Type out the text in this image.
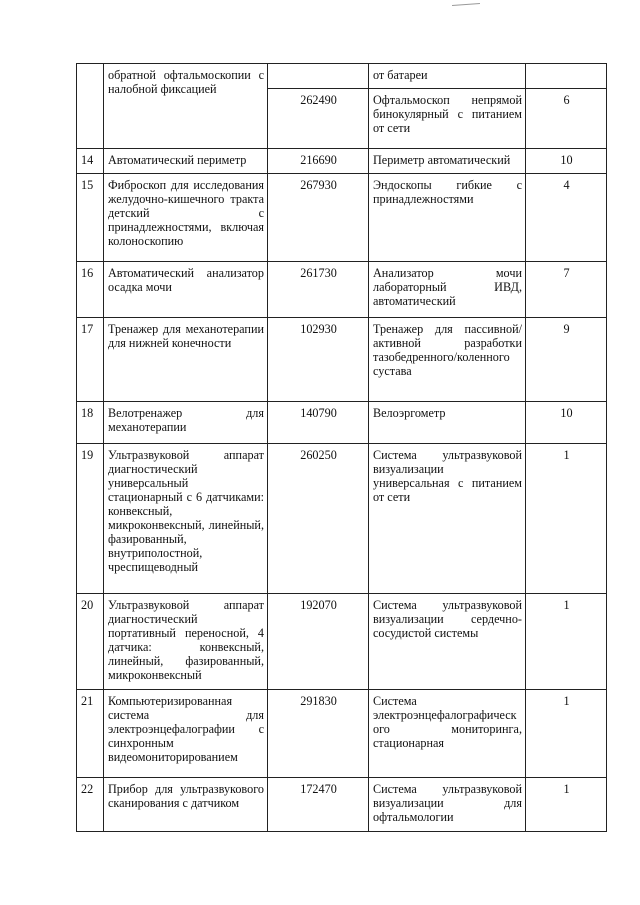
	обратной офтальмоскопии с налобной фиксацией		от батареи	
		262490	Офтальмоскоп непрямой бинокулярный с питанием от сети	6
14	Автоматический периметр	216690	Периметр автоматический	10
15	Фиброскоп для исследования желудочно-кишечного тракта детский с принадлежностями, включая колоноскопию	267930	Эндоскопы гибкие с принадлежностями	4
16	Автоматический анализатор осадка мочи	261730	Анализатор мочи лабораторный ИВД, автоматический	7
17	Тренажер для механотерапии для нижней конечности	102930	Тренажер для пассивной/активной разработки тазобедренного/коленного сустава	9
18	Велотренажер для механотерапии	140790	Велоэргометр	10
19	Ультразвуковой аппарат диагностический универсальный стационарный с 6 датчиками: конвексный, микроконвексный, линейный, фазированный, внутриполостной, чреспищеводный	260250	Система ультразвуковой визуализации универсальная с питанием от сети	1
20	Ультразвуковой аппарат диагностический портативный переносной, 4 датчика: конвексный, линейный, фазированный, микроконвексный	192070	Система ультразвуковой визуализации сердечно-сосудистой системы	1
21	Компьютеризированная система для электроэнцефалографии с синхронным видеомониторированием	291830	Система электроэнцефалографическ ого мониторинга, стационарная	1
22	Прибор для ультразвукового сканирования с датчиком	172470	Система ультразвуковой визуализации для офтальмологии	1
